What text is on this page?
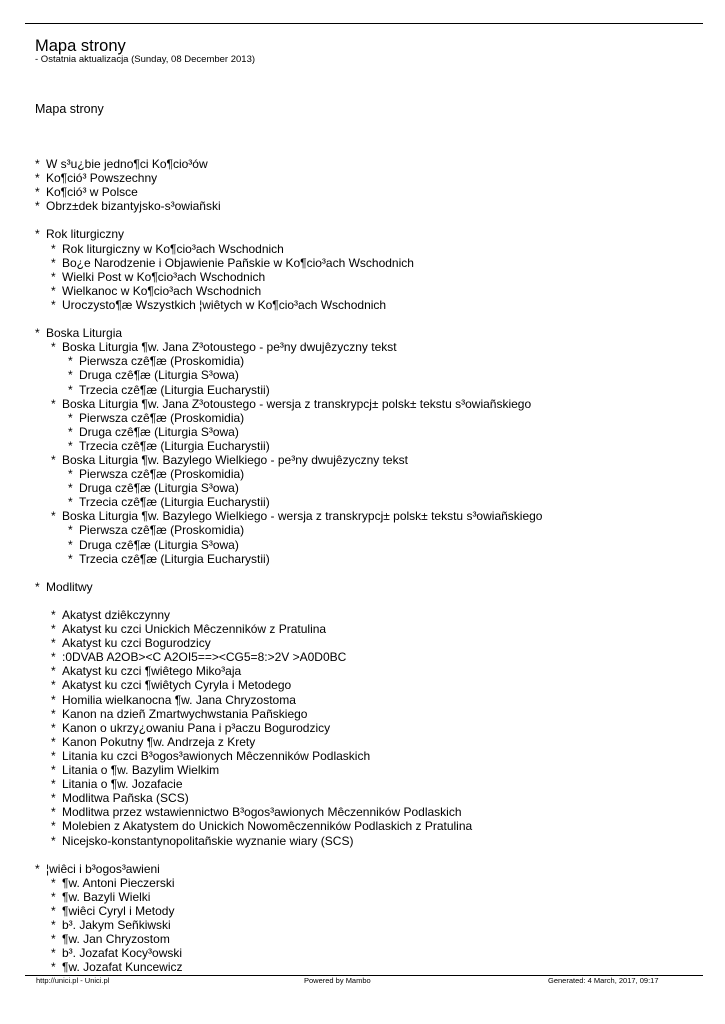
Mapa strony
- Ostatnia aktualizacja (Sunday, 08 December 2013)
Mapa strony
* W s³u¿bie jedno¶ci Ko¶cio³ów
* Ko¶ció³ Powszechny
* Ko¶ció³ w Polsce
* Obrz±dek bizantyjsko-s³owiañski
* Rok liturgiczny
* Rok liturgiczny w Ko¶cio³ach Wschodnich
* Bo¿e Narodzenie i Objawienie Pañskie w Ko¶cio³ach Wschodnich
* Wielki Post w Ko¶cio³ach Wschodnich
* Wielkanoc w Ko¶cio³ach Wschodnich
* Uroczysto¶æ Wszystkich ¦wiêtych w Ko¶cio³ach Wschodnich
* Boska Liturgia
* Boska Liturgia ¶w. Jana Z³otoustego - pe³ny dwujêzyczny tekst
* Pierwsza czê¶æ (Proskomidia)
* Druga czê¶æ (Liturgia S³owa)
* Trzecia czê¶æ (Liturgia Eucharystii)
* Boska Liturgia ¶w. Jana Z³otoustego - wersja z transkrypcj± polsk± tekstu s³owiañskiego
* Pierwsza czê¶æ (Proskomidia)
* Druga czê¶æ (Liturgia S³owa)
* Trzecia czê¶æ (Liturgia Eucharystii)
* Boska Liturgia ¶w. Bazylego Wielkiego - pe³ny dwujêzyczny tekst
* Pierwsza czê¶æ (Proskomidia)
* Druga czê¶æ (Liturgia S³owa)
* Trzecia czê¶æ (Liturgia Eucharystii)
* Boska Liturgia ¶w. Bazylego Wielkiego - wersja z transkrypcj± polsk± tekstu s³owiañskiego
* Pierwsza czê¶æ (Proskomidia)
* Druga czê¶æ (Liturgia S³owa)
* Trzecia czê¶æ (Liturgia Eucharystii)
* Modlitwy
* Akatyst dziêkczynny
* Akatyst ku czci Unickich Mêczenników z Pratulina
* Akatyst ku czci Bogurodzicy
* :0DVAB A2OB><C A2OI5==><CG5=8:>2V >A0D0BC
* Akatyst ku czci ¶wiêtego Miko³aja
* Akatyst ku czci ¶wiêtych Cyryla i Metodego
* Homilia wielkanocna ¶w. Jana Chryzostoma
* Kanon na dzieñ Zmartwychwstania Pañskiego
* Kanon o ukrzy¿owaniu Pana i p³aczu Bogurodzicy
* Kanon Pokutny ¶w. Andrzeja z Krety
* Litania ku czci B³ogos³awionych Mêczenników Podlaskich
* Litania o ¶w. Bazylim Wielkim
* Litania o ¶w. Jozafacie
* Modlitwa Pañska (SCS)
* Modlitwa przez wstawiennictwo B³ogos³awionych Mêczenników Podlaskich
* Molebien z Akatystem do Unickich Nowomêczenników Podlaskich z Pratulina
* Nicejsko-konstantynopolitañskie wyznanie wiary (SCS)
* ¦wiêci i b³ogos³awieni
* ¶w. Antoni Pieczerski
* ¶w. Bazyli Wielki
* ¶wiêci Cyryl i Metody
* b³. Jakym Señkiwski
* ¶w. Jan Chryzostom
* b³. Jozafat Kocy³owski
* ¶w. Jozafat Kuncewicz
http://unici.pl - Unici.pl	Powered by Mambo	Generated: 4 March, 2017, 09:17
